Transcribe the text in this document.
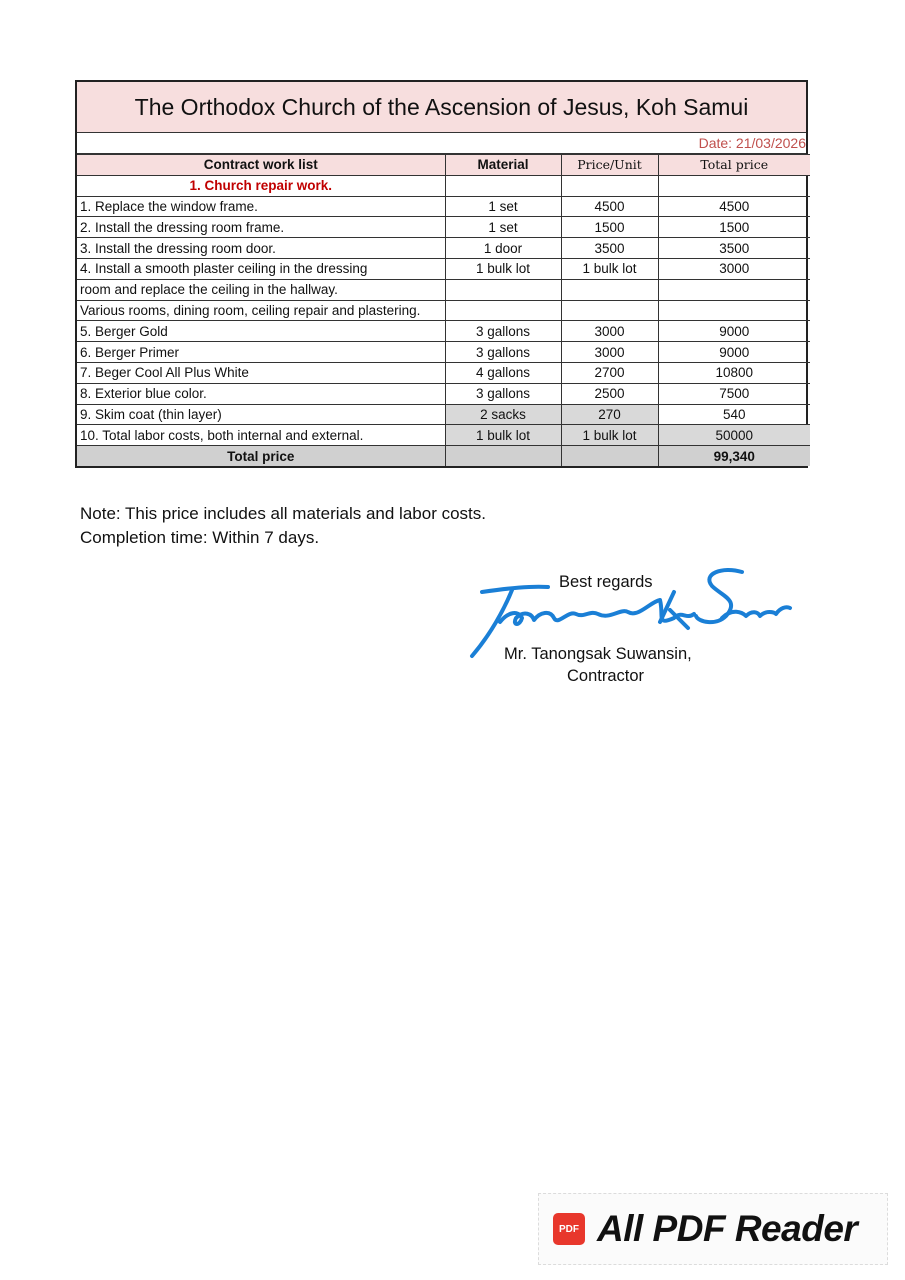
The Orthodox Church of the Ascension of Jesus, Koh Samui
Date: 21/03/2026
Contract work list	Material	Price/Unit	Total price
1. Church repair work.			
1. Replace the window frame.	1 set	4500	4500
2. Install the dressing room frame.	1 set	1500	1500
3. Install the dressing room door.	1 door	3500	3500
4. Install a smooth plaster ceiling in the dressing	1 bulk lot	1 bulk lot	3000
room and replace the ceiling in the hallway.			
Various rooms, dining room, ceiling repair and plastering.			
5. Berger Gold	3 gallons	3000	9000
6. Berger Primer	3 gallons	3000	9000
7. Beger Cool All Plus White	4 gallons	2700	10800
8. Exterior blue color.	3 gallons	2500	7500
9. Skim coat (thin layer)	2 sacks	270	540
10. Total labor costs, both internal and external.	1 bulk lot	1 bulk lot	50000
Total price			99,340
Note: This price includes all materials and labor costs.
Completion time: Within 7 days.
Tanongsak Suwansin
Best regards
Mr. Tanongsak Suwansin,
Contractor
PDF All PDF Reader
